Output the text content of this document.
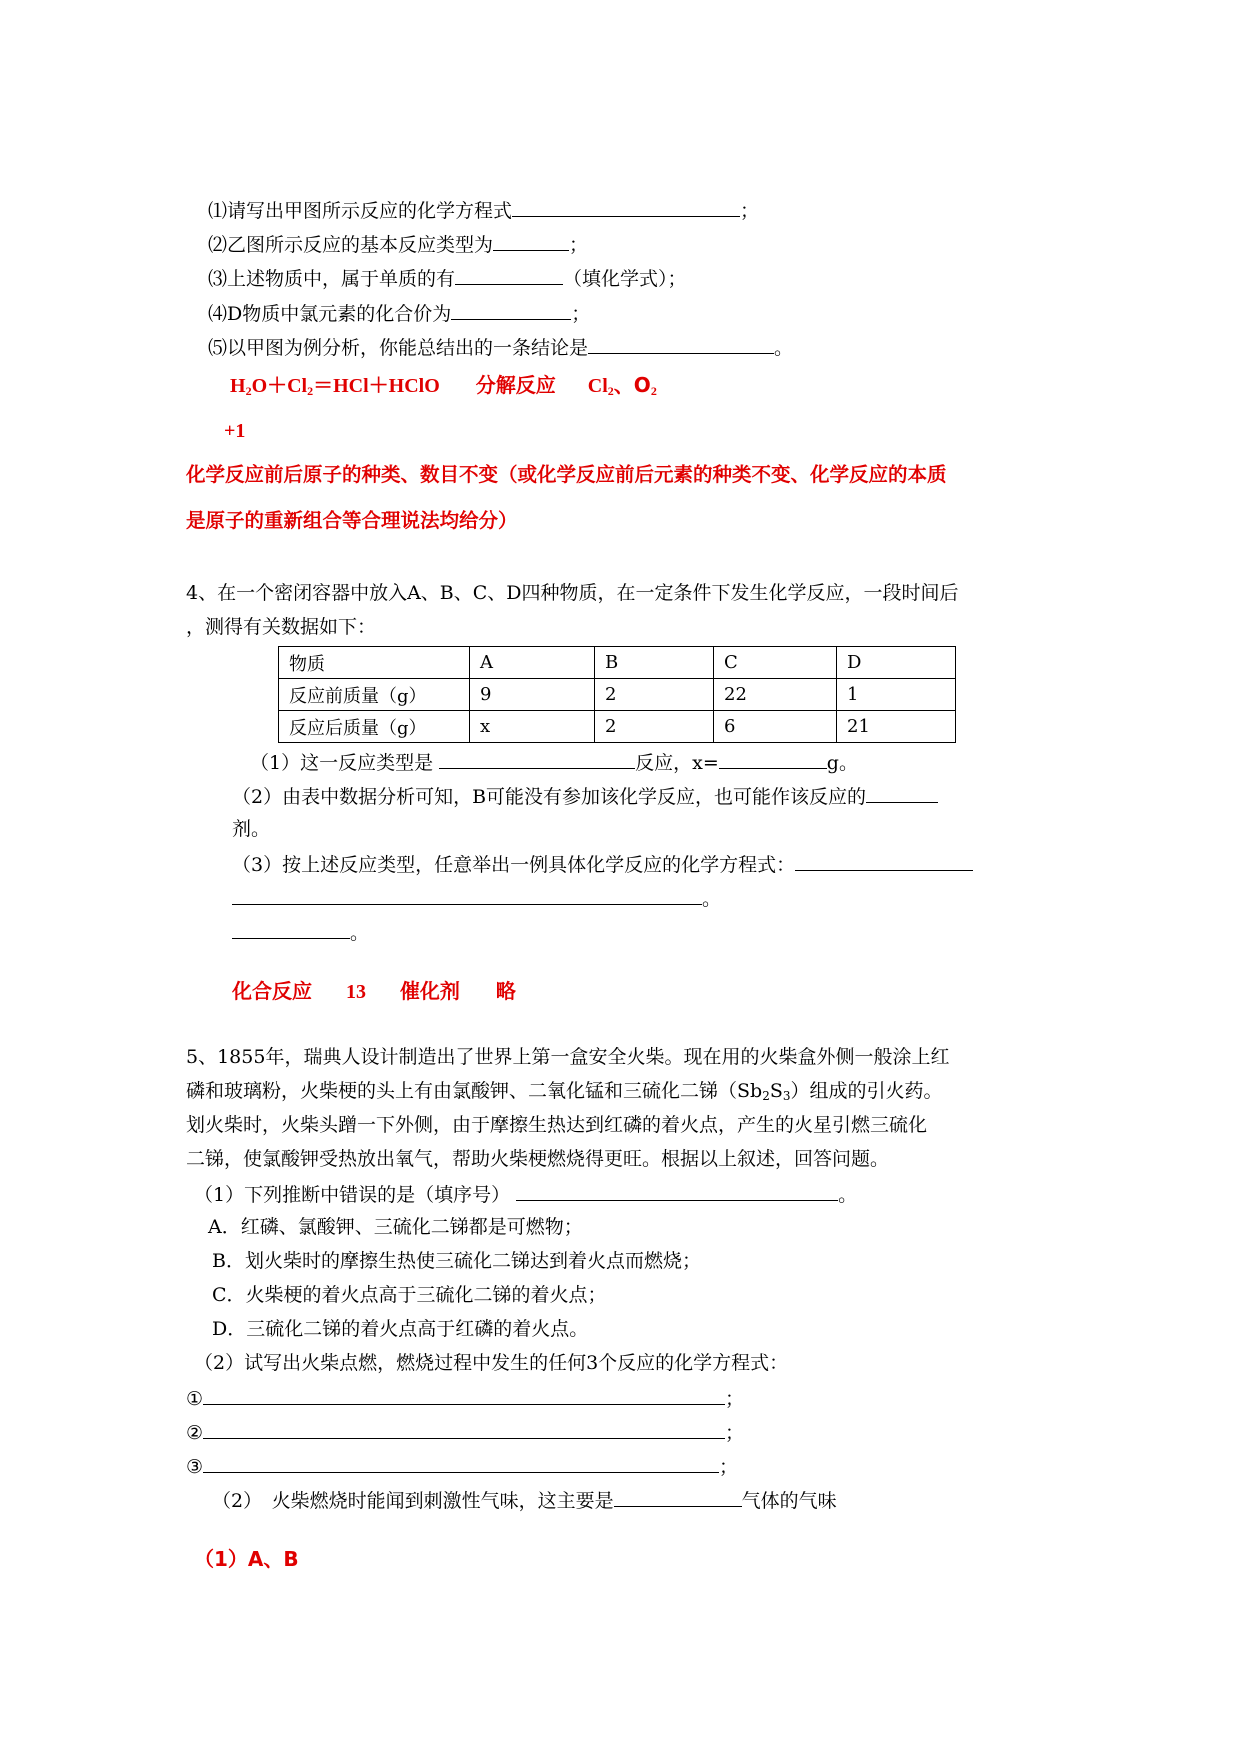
⑴请写出甲图所示反应的化学方程式	；
⑵乙图所示反应的基本反应类型为	；
⑶上述物质中，属于单质的有	（填化学式）；
⑷D物质中氯元素的化合价为	；
⑸以甲图为例分析，你能总结出的一条结论是	。
$H_2O+Cl_2=HCl+HClO$ 分解反应 $Cl_2$、$O_2$
+1
化学反应前后原子的种类、数目不变（或化学反应前后元素的种类不变、化学反应的本质
是原子的重新组合等合理说法均给分）
4、在一个密闭容器中放入A、B、C、D四种物质，在一定条件下发生化学反应，一段时间后
，测得有关数据如下：
物质	A	B	C	D
反应前质量（g）	9	2	22	1
反应后质量（g）	x	2	6	21
（1）这一反应类型是	反应，x=	g。
（2）由表中数据分析可知，B可能没有参加该化学反应，也可能作该反应的
剂。
（3）按上述反应类型，任意举出一例具体化学反应的化学方程式：
。
。
化合反应 13 催化剂 略
5、1855年，瑞典人设计制造出了世界上第一盒安全火柴。现在用的火柴盒外侧一般涂上红
磷和玻璃粉，火柴梗的头上有由氯酸钾、二氧化锰和三硫化二锑$(Sb_2S_3)$组成的引火药。
划火柴时，火柴头蹭一下外侧，由于摩擦生热达到红磷的着火点，产生的火星引燃三硫化
二锑，使氯酸钾受热放出氧气，帮助火柴梗燃烧得更旺。根据以上叙述，回答问题。
（1）下列推断中错误的是（填序号）	。
A．红磷、氯酸钾、三硫化二锑都是可燃物；
B．划火柴时的摩擦生热使三硫化二锑达到着火点而燃烧；
C．火柴梗的着火点高于三硫化二锑的着火点；
D．三硫化二锑的着火点高于红磷的着火点。
（2）试写出火柴点燃，燃烧过程中发生的任何3个反应的化学方程式：
①	；
②	；
③	；
（2）　火柴燃烧时能闻到刺激性气味，这主要是	气体的气味
（1）A、B
